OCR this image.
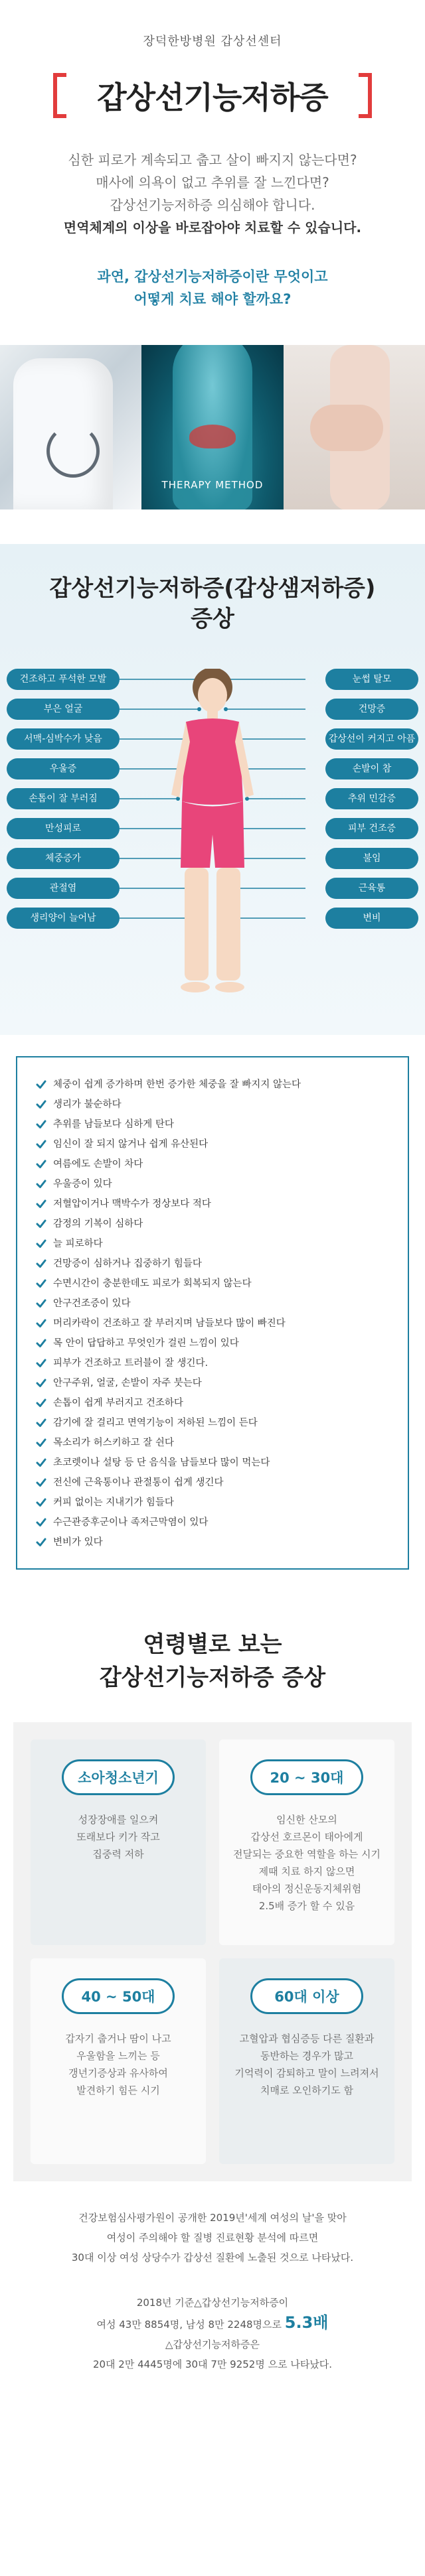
장덕한방병원 갑상선센터
갑상선기능저하증
심한 피로가 계속되고 춥고 살이 빠지지 않는다면?
매사에 의욕이 없고 추위를 잘 느낀다면?
갑상선기능저하증 의심해야 합니다.
면역체계의 이상을 바로잡아야 치료할 수 있습니다.
과연, 갑상선기능저하증이란 무엇이고
어떻게 치료 해야 할까요?
THERAPY METHOD
갑상선기능저하증(갑상샘저하증)
증상
건조하고 푸석한 모발
부은 얼굴
서맥-심박수가 낮음
우울증
손톱이 잘 부러짐
만성피로
체중증가
관절염
생리양이 늘어남
눈썹 탈모
건망증
갑상선이 커지고 아픔
손발이 참
추위 민감증
피부 건조증
불임
근육통
변비
체중이 쉽게 증가하며 한번 증가한 체중을 잘 빠지지 않는다
생리가 불순하다
추위를 남들보다 심하게 탄다
임신이 잘 되지 않거나 쉽게 유산된다
여름에도 손발이 차다
우울증이 있다
저혈압이거나 맥박수가 정상보다 적다
감정의 기복이 심하다
늘 피로하다
건망증이 심하거나 집중하기 힘들다
수면시간이 충분한데도 피로가 회복되지 않는다
안구건조증이 있다
머리카락이 건조하고 잘 부러지며 남들보다 많이 빠진다
목 안이 답답하고 무엇인가 걸린 느낌이 있다
피부가 건조하고 트러블이 잘 생긴다.
안구주위, 얼굴, 손발이 자주 붓는다
손톱이 쉽게 부러지고 건조하다
감기에 잘 걸리고 면역기능이 저하된 느낌이 든다
목소리가 허스키하고 잘 쉰다
초코렛이나 설탕 등 단 음식을 남들보다 많이 먹는다
전신에 근육통이나 관절통이 쉽게 생긴다
커피 없이는 지내기가 힘들다
수근관증후군이나 족저근막염이 있다
변비가 있다
연령별로 보는
갑상선기능저하증 증상
소아청소년기
성장장애를 일으켜
또래보다 키가 작고
집중력 저하
20 ~ 30대
임신한 산모의
갑상선 호르몬이 태아에게
전달되는 중요한 역할을 하는 시기
제때 치료 하지 않으면
태아의 정신운동지체위험
2.5배 증가 할 수 있음
40 ~ 50대
갑자기 춥거나 땀이 나고
우울함을 느끼는 등
갱년기증상과 유사하여
발견하기 힘든 시기
60대 이상
고혈압과 협심증등 다른 질환과
동반하는 경우가 많고
기억력이 감퇴하고 말이 느려져서
치매로 오인하기도 함
건강보험심사평가원이 공개한 2019년'세계 여성의 날'을 맞아
여성이 주의해야 할 질병 진료현황 분석에 따르면
30대 이상 여성 상당수가 갑상선 질환에 노출된 것으로 나타났다.
2018년 기준△갑상선기능저하증이
여성 43만 8854명, 남성 8만 2248명으로 5.3배
△갑상선기능저하증은
20대 2만 4445명에 30대 7만 9252명 으로 나타났다.
